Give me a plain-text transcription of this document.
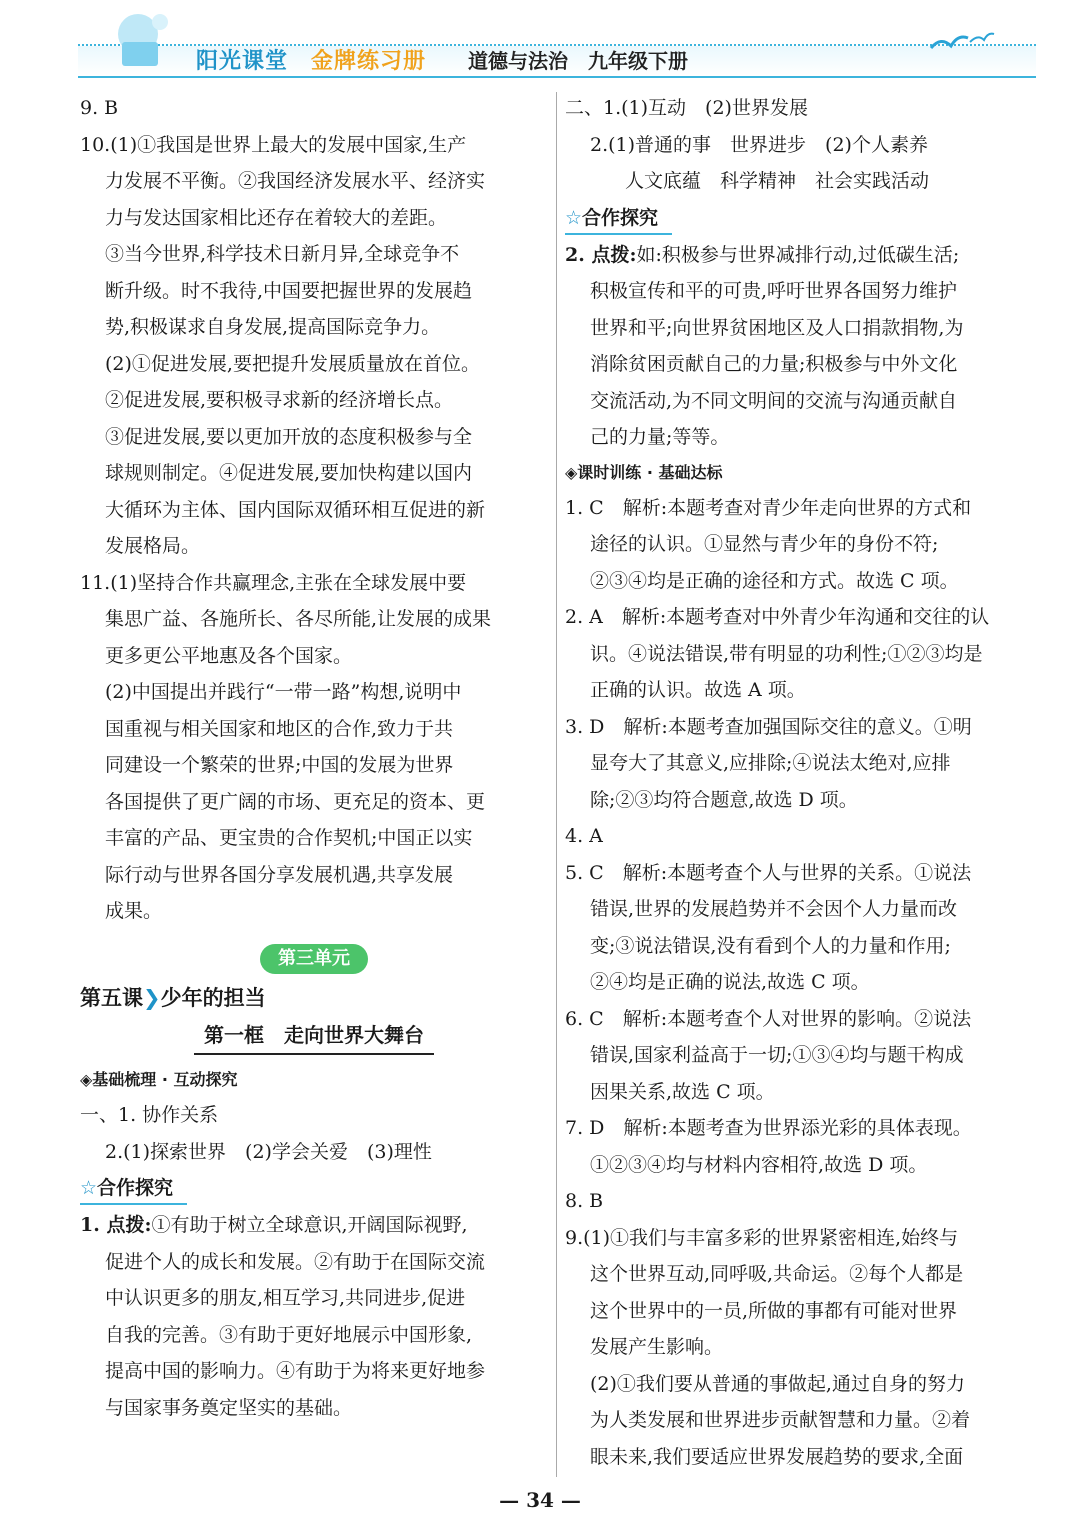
阳光课堂　 金牌练习册 道德与法治　 九年级下册
9. B
10.(1)①我国是世界上最大的发展中国家,生产
力发展不平衡。②我国经济发展水平、经济实
力与发达国家相比还存在着较大的差距。
③当今世界,科学技术日新月异,全球竞争不
断升级。时不我待,中国要把握世界的发展趋
势,积极谋求自身发展,提高国际竞争力。
(2)①促进发展,要把提升发展质量放在首位。
②促进发展,要积极寻求新的经济增长点。
③促进发展,要以更加开放的态度积极参与全
球规则制定。④促进发展,要加快构建以国内
大循环为主体、国内国际双循环相互促进的新
发展格局。
11.(1)坚持合作共赢理念,主张在全球发展中要
集思广益、各施所长、各尽所能,让发展的成果
更多更公平地惠及各个国家。
(2)中国提出并践行“一带一路”构想,说明中
国重视与相关国家和地区的合作,致力于共
同建设一个繁荣的世界;中国的发展为世界
各国提供了更广阔的市场、更充足的资本、更
丰富的产品、更宝贵的合作契机;中国正以实
际行动与世界各国分享发展机遇,共享发展
成果。
第三单元
第五课❯少年的担当
第一框　走向世界大舞台
◈基础梳理 · 互动探究
一、1. 协作关系
2.(1)探索世界　(2)学会关爱　(3)理性
☆合作探究
1. 点拨:①有助于树立全球意识,开阔国际视野,
促进个人的成长和发展。②有助于在国际交流
中认识更多的朋友,相互学习,共同进步,促进
自我的完善。③有助于更好地展示中国形象,
提高中国的影响力。④有助于为将来更好地参
与国家事务奠定坚实的基础。
二、1.(1)互动　(2)世界发展
2.(1)普通的事　世界进步　(2)个人素养
人文底蕴　科学精神　社会实践活动
☆合作探究
2. 点拨:如:积极参与世界减排行动,过低碳生活;
积极宣传和平的可贵,呼吁世界各国努力维护
世界和平;向世界贫困地区及人口捐款捐物,为
消除贫困贡献自己的力量;积极参与中外文化
交流活动,为不同文明间的交流与沟通贡献自
己的力量;等等。
◈课时训练 · 基础达标
1. C　解析:本题考查对青少年走向世界的方式和
途径的认识。①显然与青少年的身份不符;
②③④均是正确的途径和方式。故选 C 项。
2. A　解析:本题考查对中外青少年沟通和交往的认
识。④说法错误,带有明显的功利性;①②③均是
正确的认识。故选 A 项。
3. D　解析:本题考查加强国际交往的意义。①明
显夸大了其意义,应排除;④说法太绝对,应排
除;②③均符合题意,故选 D 项。
4. A
5. C　解析:本题考查个人与世界的关系。①说法
错误,世界的发展趋势并不会因个人力量而改
变;③说法错误,没有看到个人的力量和作用;
②④均是正确的说法,故选 C 项。
6. C　解析:本题考查个人对世界的影响。②说法
错误,国家利益高于一切;①③④均与题干构成
因果关系,故选 C 项。
7. D　解析:本题考查为世界添光彩的具体表现。
①②③④均与材料内容相符,故选 D 项。
8. B
9.(1)①我们与丰富多彩的世界紧密相连,始终与
这个世界互动,同呼吸,共命运。②每个人都是
这个世界中的一员,所做的事都有可能对世界
发展产生影响。
(2)①我们要从普通的事做起,通过自身的努力
为人类发展和世界进步贡献智慧和力量。②着
眼未来,我们要适应世界发展趋势的要求,全面
— 34 —
